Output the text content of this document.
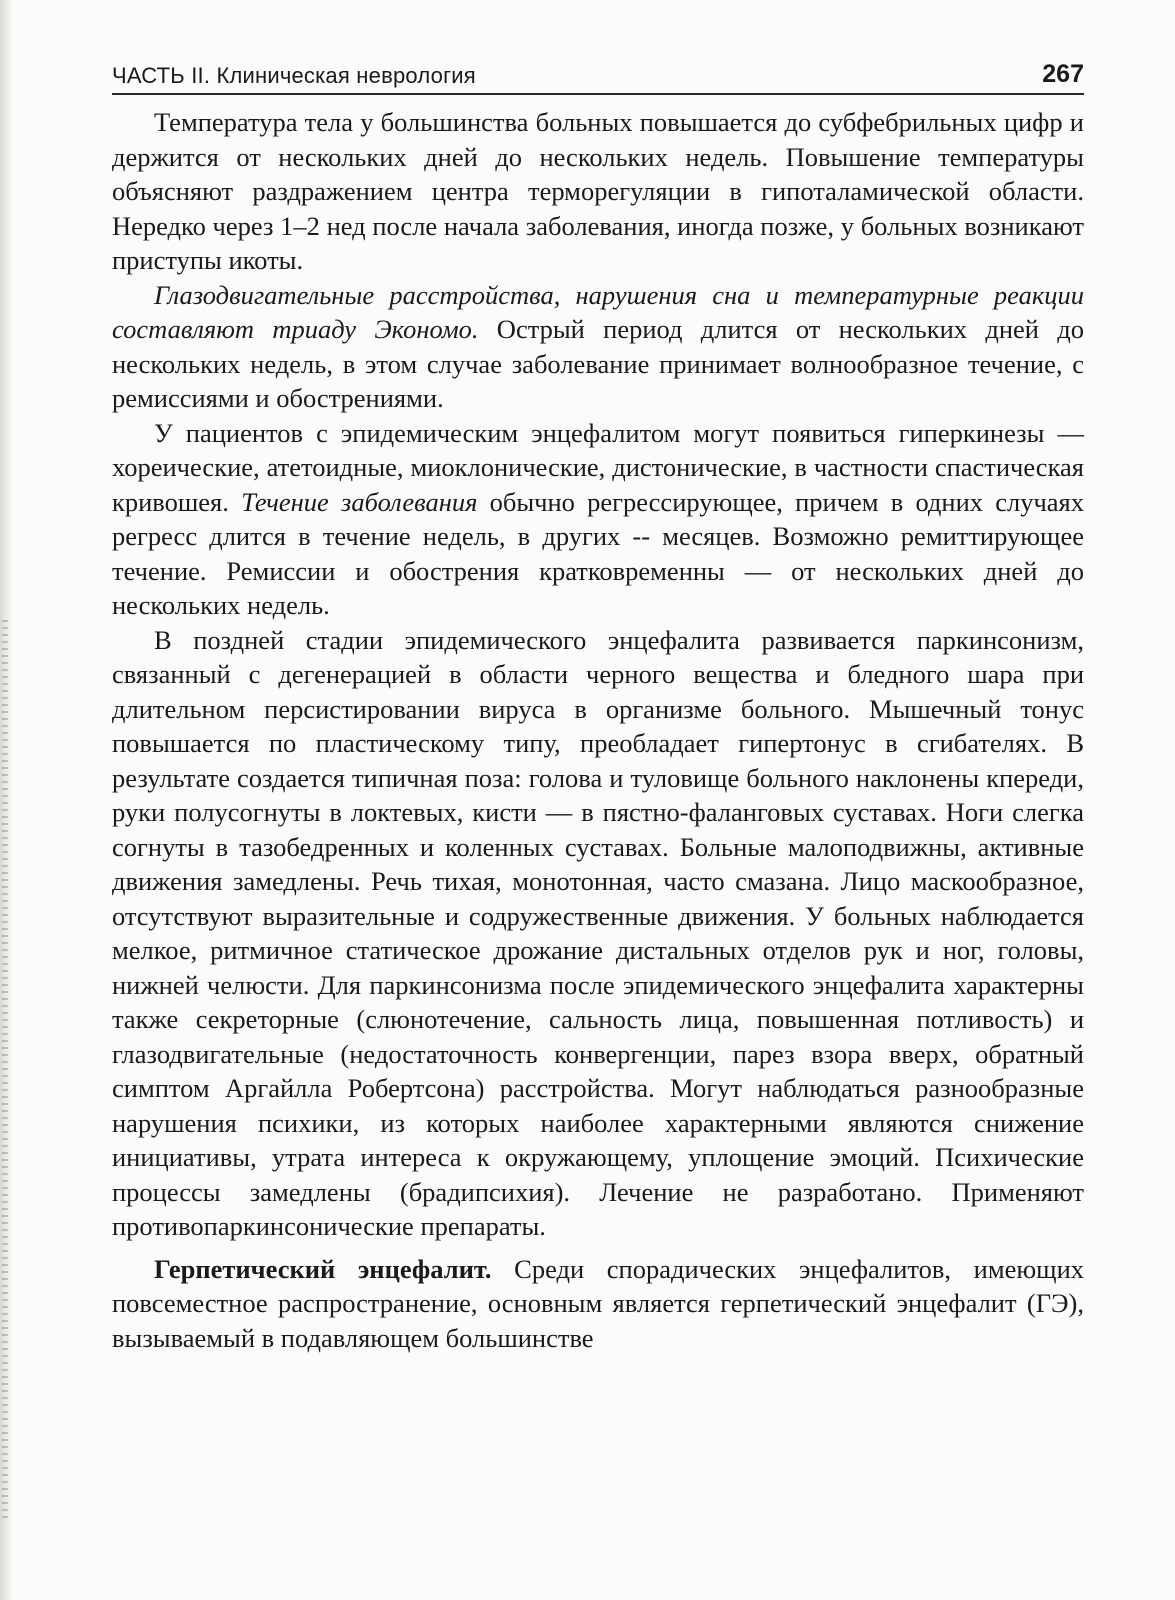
ЧАСТЬ II. Клиническая неврология	267

Температура тела у большинства больных повышается до субфебрильных цифр и держится от нескольких дней до нескольких недель. Повышение температуры объясняют раздражением центра терморегуляции в гипоталамической области. Нередко через 1–2 нед после начала заболевания, иногда позже, у больных возникают приступы икоты.

Глазодвигательные расстройства, нарушения сна и температурные реакции составляют триаду Экономо. Острый период длится от нескольких дней до нескольких недель, в этом случае заболевание принимает волнообразное течение, с ремиссиями и обострениями.

У пациентов с эпидемическим энцефалитом могут появиться гиперкинезы — хореические, атетоидные, миоклонические, дистонические, в частности спастическая кривошея. Течение заболевания обычно регрессирующее, причем в одних случаях регресс длится в течение недель, в других -- месяцев. Возможно ремиттирующее течение. Ремиссии и обострения кратковременны — от нескольких дней до нескольких недель.

В поздней стадии эпидемического энцефалита развивается паркинсонизм, связанный с дегенерацией в области черного вещества и бледного шара при длительном персистировании вируса в организме больного. Мышечный тонус повышается по пластическому типу, преобладает гипертонус в сгибателях. В результате создается типичная поза: голова и туловище больного наклонены кпереди, руки полусогнуты в локтевых, кисти — в пястно-фаланговых суставах. Ноги слегка согнуты в тазобедренных и коленных суставах. Больные малоподвижны, активные движения замедлены. Речь тихая, монотонная, часто смазана. Лицо маскообразное, отсутствуют выразительные и содружественные движения. У больных наблюдается мелкое, ритмичное статическое дрожание дистальных отделов рук и ног, головы, нижней челюсти. Для паркинсонизма после эпидемического энцефалита характерны также секреторные (слюнотечение, сальность лица, повышенная потливость) и глазодвигательные (недостаточность конвергенции, парез взора вверх, обратный симптом Аргайлла Робертсона) расстройства. Могут наблюдаться разнообразные нарушения психики, из которых наиболее характерными являются снижение инициативы, утрата интереса к окружающему, уплощение эмоций. Психические процессы замедлены (брадипсихия). Лечение не разработано. Применяют противопаркинсонические препараты.

Герпетический энцефалит. Среди спорадических энцефалитов, имеющих повсеместное распространение, основным является герпетический энцефалит (ГЭ), вызываемый в подавляющем большинстве
